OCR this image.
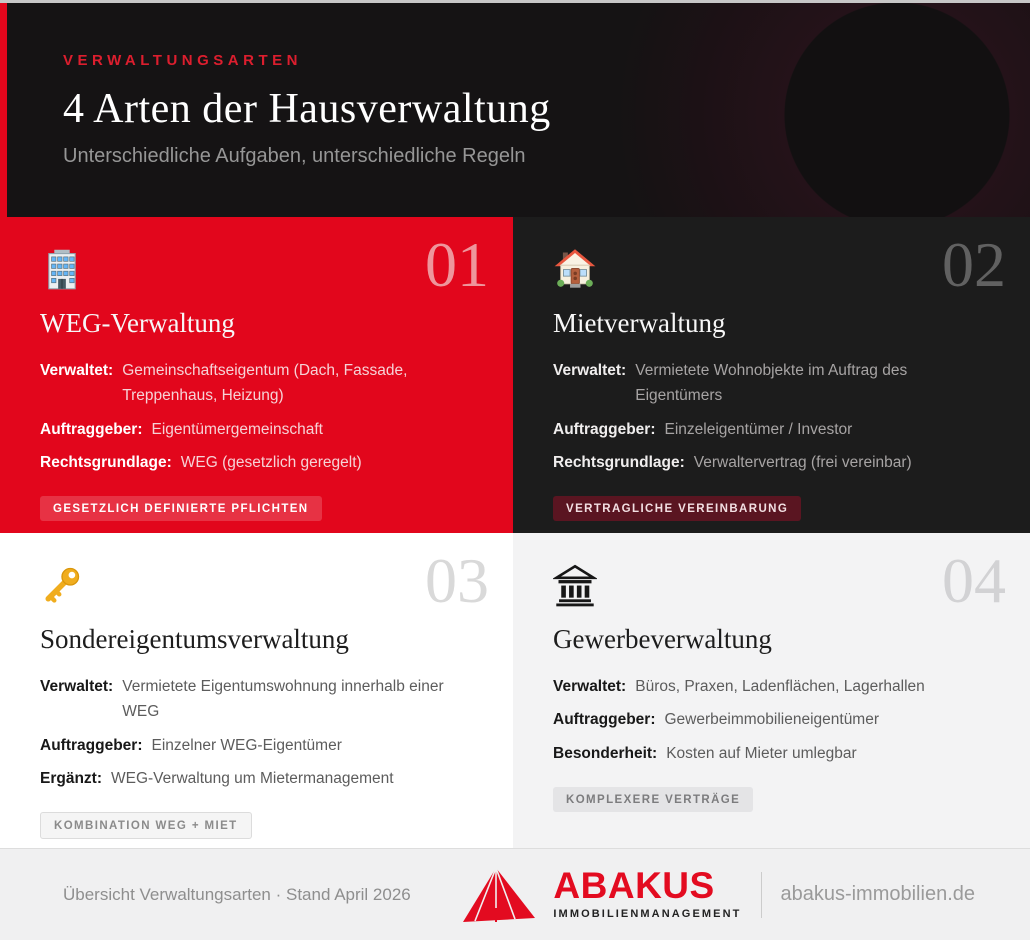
VERWALTUNGSARTEN
4 Arten der Hausverwaltung
Unterschiedliche Aufgaben, unterschiedliche Regeln
01
WEG-Verwaltung
Verwaltet: Gemeinschaftseigentum (Dach, Fassade, Treppenhaus, Heizung)
Auftraggeber: Eigentümergemeinschaft
Rechtsgrundlage: WEG (gesetzlich geregelt)
GESETZLICH DEFINIERTE PFLICHTEN
02
Mietverwaltung
Verwaltet: Vermietete Wohnobjekte im Auftrag des Eigentümers
Auftraggeber: Einzeleigentümer / Investor
Rechtsgrundlage: Verwaltervertrag (frei vereinbar)
VERTRAGLICHE VEREINBARUNG
03
Sondereigentumsverwaltung
Verwaltet: Vermietete Eigentumswohnung innerhalb einer WEG
Auftraggeber: Einzelner WEG-Eigentümer
Ergänzt: WEG-Verwaltung um Mietermanagement
KOMBINATION WEG + MIET
04
Gewerbeverwaltung
Verwaltet: Büros, Praxen, Ladenflächen, Lagerhallen
Auftraggeber: Gewerbeimmobilieneigentümer
Besonderheit: Kosten auf Mieter umlegbar
KOMPLEXERE VERTRÄGE
Übersicht Verwaltungsarten · Stand April 2026	ABAKUS
IMMOBILIENMANAGEMENT
abakus-immobilien.de
